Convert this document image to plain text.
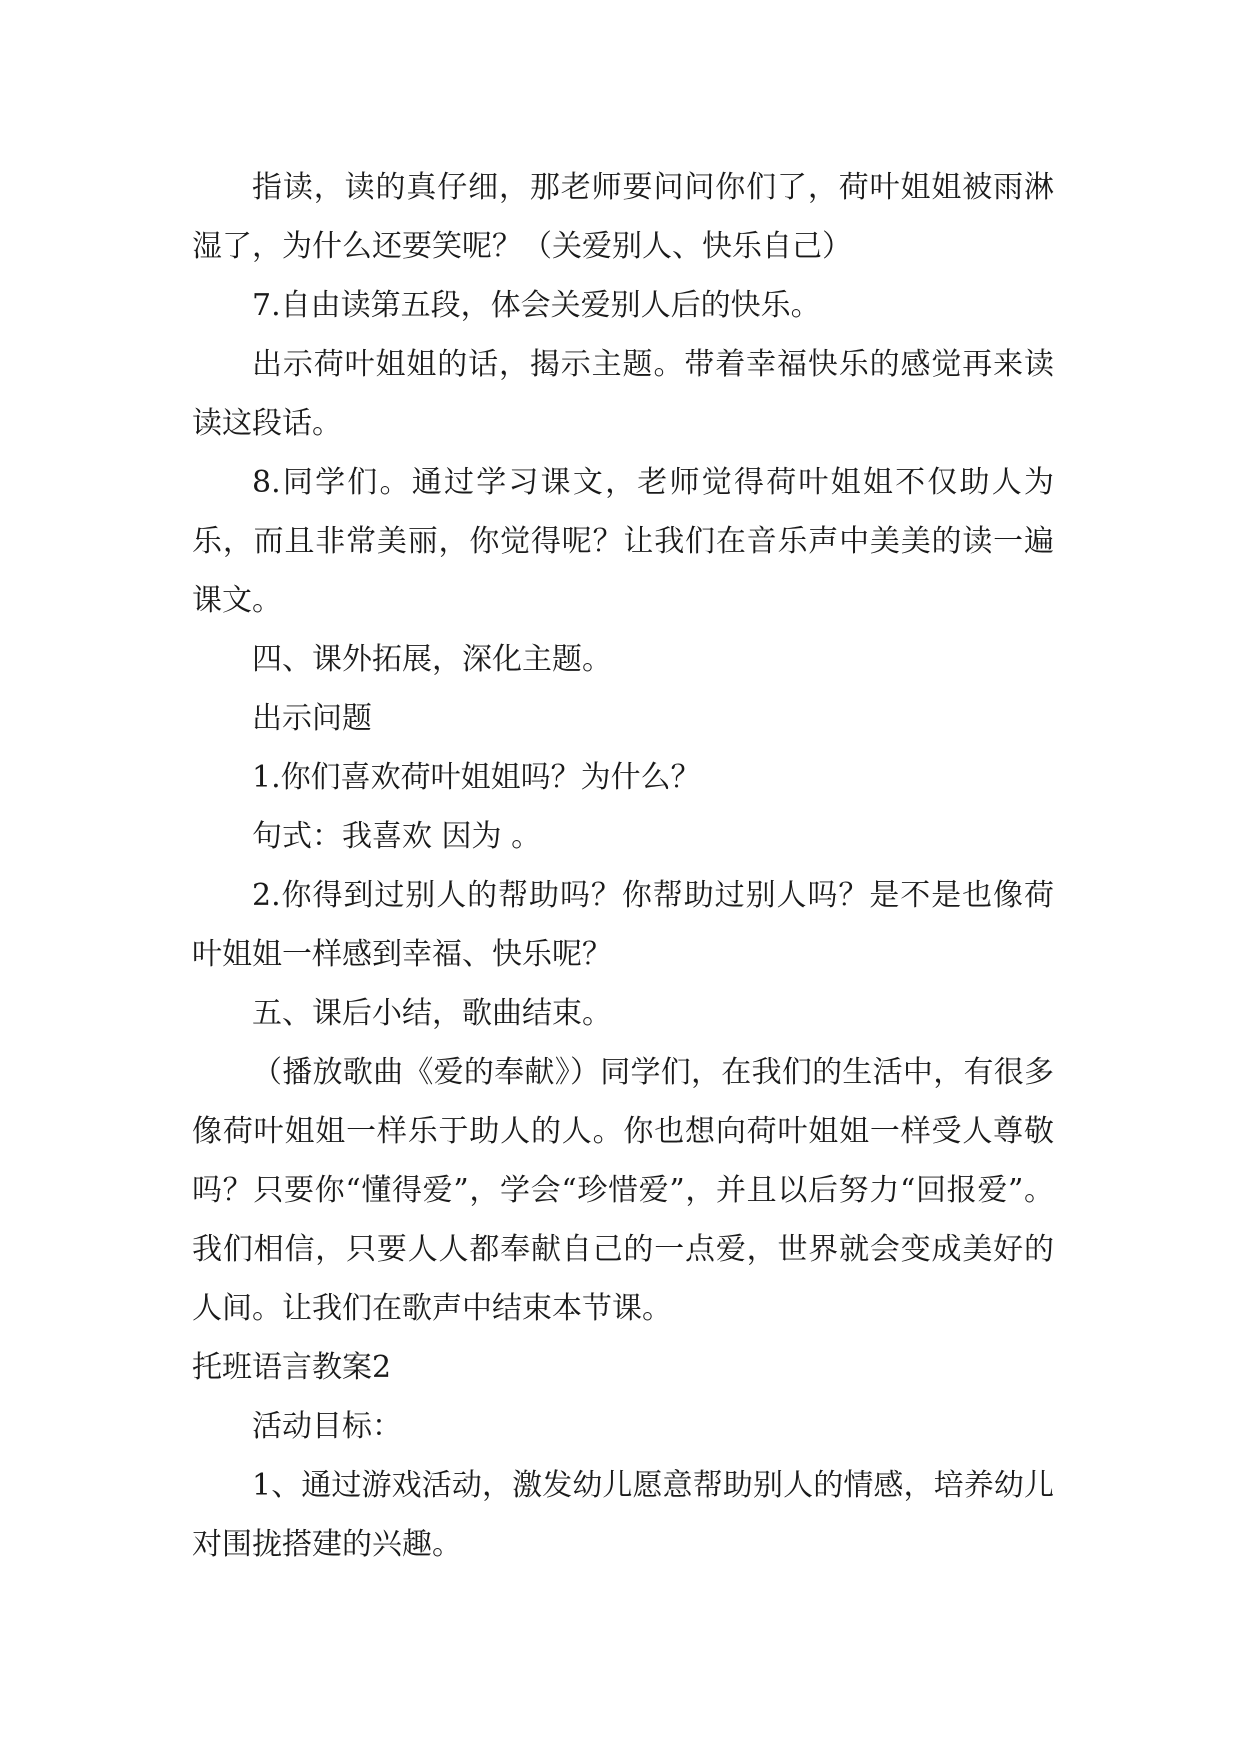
指读，读的真仔细，那老师要问问你们了，荷叶姐姐被雨淋湿了，为什么还要笑呢？（关爱别人、快乐自己）

7.自由读第五段，体会关爱别人后的快乐。

出示荷叶姐姐的话，揭示主题。带着幸福快乐的感觉再来读读这段话。

8.同学们。通过学习课文，老师觉得荷叶姐姐不仅助人为乐，而且非常美丽，你觉得呢？让我们在音乐声中美美的读一遍课文。

四、课外拓展，深化主题。

出示问题

1.你们喜欢荷叶姐姐吗？为什么？

句式：我喜欢 因为 。

2.你得到过别人的帮助吗？你帮助过别人吗？是不是也像荷叶姐姐一样感到幸福、快乐呢？

五、课后小结，歌曲结束。

（播放歌曲《爱的奉献》）同学们，在我们的生活中，有很多像荷叶姐姐一样乐于助人的人。你也想向荷叶姐姐一样受人尊敬吗？只要你“懂得爱”，学会“珍惜爱”，并且以后努力“回报爱”。我们相信，只要人人都奉献自己的一点爱，世界就会变成美好的人间。让我们在歌声中结束本节课。

托班语言教案2

活动目标：

1、通过游戏活动，激发幼儿愿意帮助别人的情感，培养幼儿对围拢搭建的兴趣。
